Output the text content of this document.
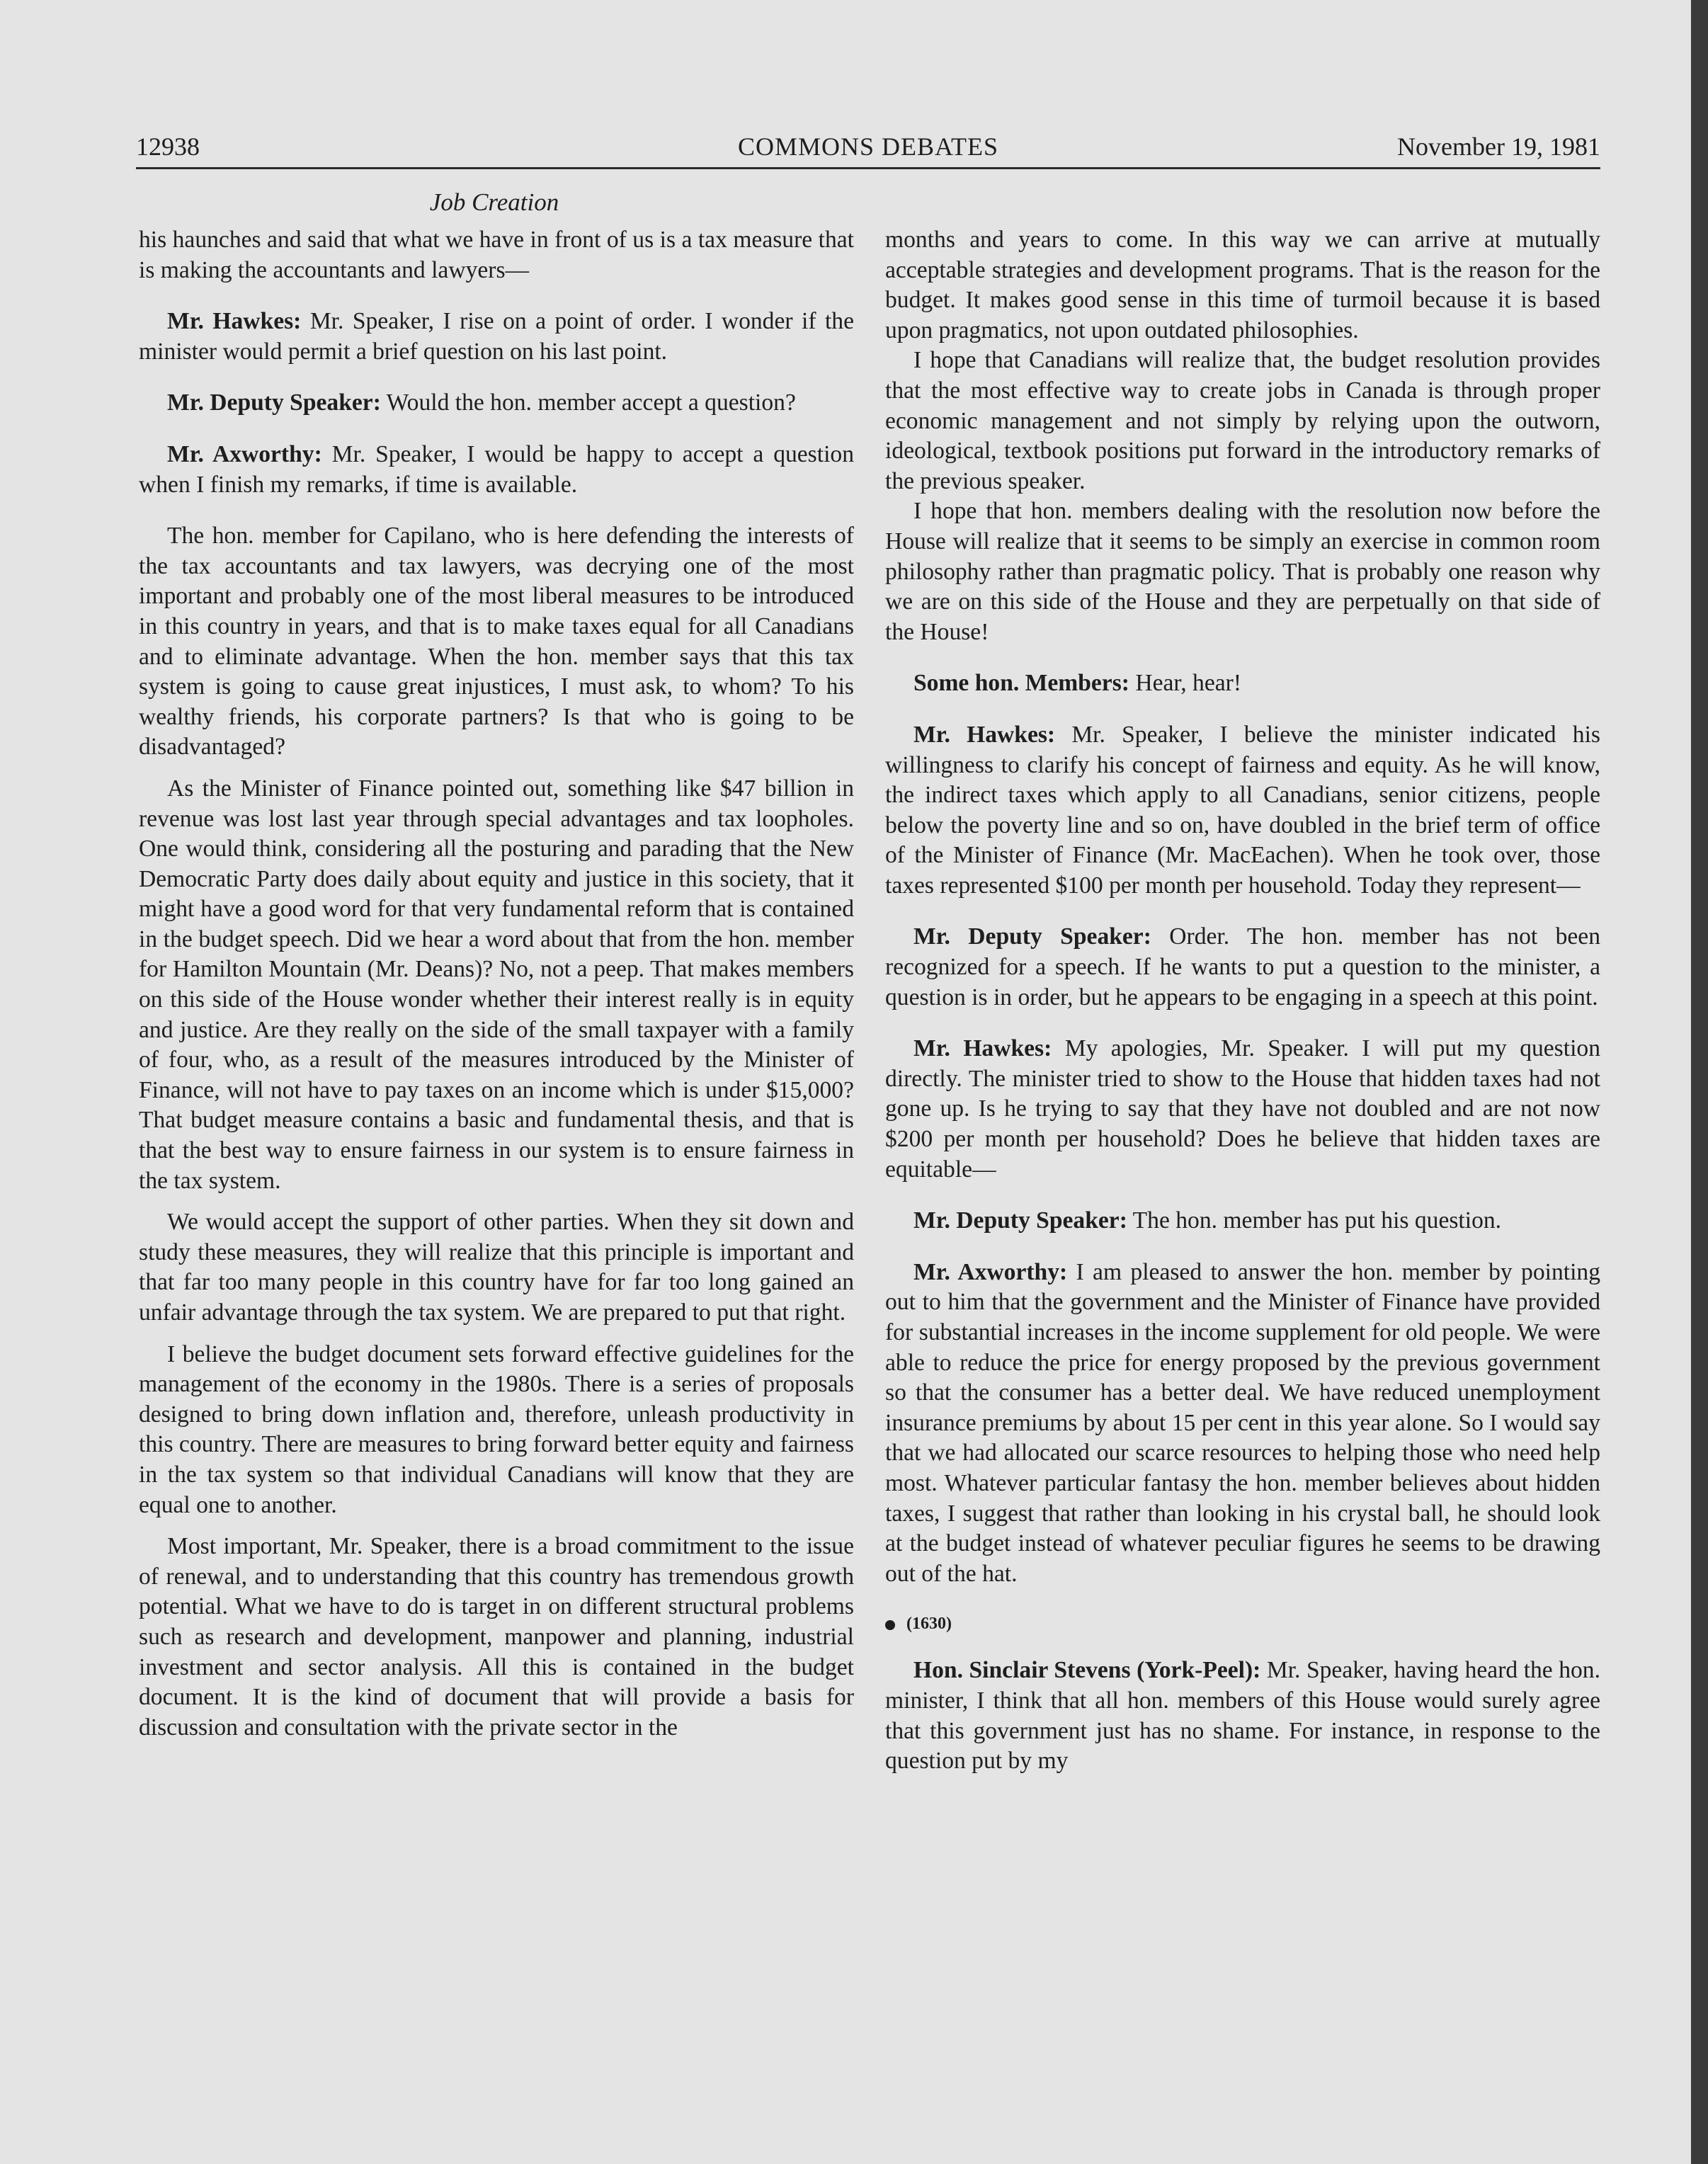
12938	COMMONS DEBATES	November 19, 1981
Job Creation

his haunches and said that what we have in front of us is a tax measure that is making the accountants and lawyers—

Mr. Hawkes: Mr. Speaker, I rise on a point of order. I wonder if the minister would permit a brief question on his last point.

Mr. Deputy Speaker: Would the hon. member accept a question?

Mr. Axworthy: Mr. Speaker, I would be happy to accept a question when I finish my remarks, if time is available.

The hon. member for Capilano, who is here defending the interests of the tax accountants and tax lawyers, was decrying one of the most important and probably one of the most liberal measures to be introduced in this country in years, and that is to make taxes equal for all Canadians and to eliminate advantage. When the hon. member says that this tax system is going to cause great injustices, I must ask, to whom? To his wealthy friends, his corporate partners? Is that who is going to be disadvantaged?

As the Minister of Finance pointed out, something like $47 billion in revenue was lost last year through special advantages and tax loopholes. One would think, considering all the posturing and parading that the New Democratic Party does daily about equity and justice in this society, that it might have a good word for that very fundamental reform that is contained in the budget speech. Did we hear a word about that from the hon. member for Hamilton Mountain (Mr. Deans)? No, not a peep. That makes members on this side of the House wonder whether their interest really is in equity and justice. Are they really on the side of the small taxpayer with a family of four, who, as a result of the measures introduced by the Minister of Finance, will not have to pay taxes on an income which is under $15,000? That budget measure contains a basic and fundamental thesis, and that is that the best way to ensure fairness in our system is to ensure fairness in the tax system.

We would accept the support of other parties. When they sit down and study these measures, they will realize that this principle is important and that far too many people in this country have for far too long gained an unfair advantage through the tax system. We are prepared to put that right.

I believe the budget document sets forward effective guidelines for the management of the economy in the 1980s. There is a series of proposals designed to bring down inflation and, therefore, unleash productivity in this country. There are measures to bring forward better equity and fairness in the tax system so that individual Canadians will know that they are equal one to another.

Most important, Mr. Speaker, there is a broad commitment to the issue of renewal, and to understanding that this country has tremendous growth potential. What we have to do is target in on different structural problems such as research and development, manpower and planning, industrial investment and sector analysis. All this is contained in the budget document. It is the kind of document that will provide a basis for discussion and consultation with the private sector in the

months and years to come. In this way we can arrive at mutually acceptable strategies and development programs. That is the reason for the budget. It makes good sense in this time of turmoil because it is based upon pragmatics, not upon outdated philosophies.

I hope that Canadians will realize that, the budget resolution provides that the most effective way to create jobs in Canada is through proper economic management and not simply by relying upon the outworn, ideological, textbook positions put forward in the introductory remarks of the previous speaker.

I hope that hon. members dealing with the resolution now before the House will realize that it seems to be simply an exercise in common room philosophy rather than pragmatic policy. That is probably one reason why we are on this side of the House and they are perpetually on that side of the House!

Some hon. Members: Hear, hear!

Mr. Hawkes: Mr. Speaker, I believe the minister indicated his willingness to clarify his concept of fairness and equity. As he will know, the indirect taxes which apply to all Canadians, senior citizens, people below the poverty line and so on, have doubled in the brief term of office of the Minister of Finance (Mr. MacEachen). When he took over, those taxes represented $100 per month per household. Today they represent—

Mr. Deputy Speaker: Order. The hon. member has not been recognized for a speech. If he wants to put a question to the minister, a question is in order, but he appears to be engaging in a speech at this point.

Mr. Hawkes: My apologies, Mr. Speaker. I will put my question directly. The minister tried to show to the House that hidden taxes had not gone up. Is he trying to say that they have not doubled and are not now $200 per month per household? Does he believe that hidden taxes are equitable—

Mr. Deputy Speaker: The hon. member has put his question.

Mr. Axworthy: I am pleased to answer the hon. member by pointing out to him that the government and the Minister of Finance have provided for substantial increases in the income supplement for old people. We were able to reduce the price for energy proposed by the previous government so that the consumer has a better deal. We have reduced unemployment insurance premiums by about 15 per cent in this year alone. So I would say that we had allocated our scarce resources to helping those who need help most. Whatever particular fantasy the hon. member believes about hidden taxes, I suggest that rather than looking in his crystal ball, he should look at the budget instead of whatever peculiar figures he seems to be drawing out of the hat.

(1630)

Hon. Sinclair Stevens (York-Peel): Mr. Speaker, having heard the hon. minister, I think that all hon. members of this House would surely agree that this government just has no shame. For instance, in response to the question put by my
